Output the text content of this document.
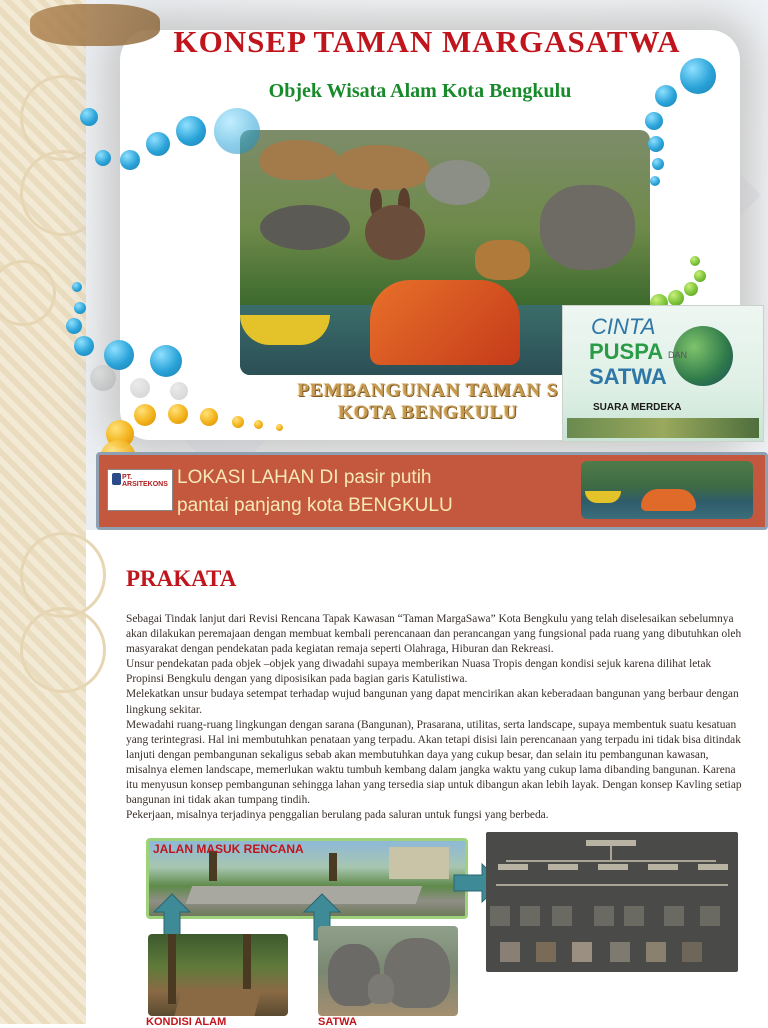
KONSEP TAMAN MARGASATWA
Objek Wisata Alam Kota Bengkulu
PEMBANGUNAN TAMAN S
KOTA BENGKULU
CINTA
PUSPA DAN
SATWA
SUARA MERDEKA
PT. ARSITEKONS LOKASI LAHAN DI pasir putih
pantai panjang kota BENGKULU
PRAKATA

Sebagai Tindak lanjut dari Revisi Rencana Tapak Kawasan “Taman MargaSawa” Kota Bengkulu yang telah diselesaikan sebelumnya akan dilakukan peremajaan dengan membuat kembali perencanaan dan perancangan yang fungsional pada ruang yang dibutuhkan oleh masyarakat dengan pendekatan pada kegiatan remaja seperti Olahraga, Hiburan dan Rekreasi.

Unsur pendekatan pada objek –objek yang diwadahi supaya memberikan Nuasa Tropis dengan kondisi sejuk karena dilihat letak Propinsi Bengkulu dengan yang diposisikan pada bagian garis Katulistiwa.

Melekatkan unsur budaya setempat terhadap wujud bangunan yang dapat mencirikan akan keberadaan bangunan yang berbaur dengan lingkung sekitar.

Mewadahi ruang-ruang lingkungan dengan sarana (Bangunan), Prasarana, utilitas, serta landscape, supaya membentuk suatu kesatuan yang terintegrasi. Hal ini membutuhkan penataan yang terpadu. Akan tetapi disisi lain perencanaan yang terpadu ini tidak bisa ditindak lanjuti dengan pembangunan sekaligus sebab akan membutuhkan daya yang cukup besar, dan selain itu pembangunan kawasan, misalnya elemen landscape, memerlukan waktu tumbuh kembang dalam jangka waktu yang cukup lama dibanding bangunan. Karena itu menyusun konsep pembangunan sehingga lahan yang tersedia siap untuk dibangun akan lebih layak. Dengan konsep Kavling setiap bangunan ini tidak akan tumpang tindih.

Pekerjaan, misalnya terjadinya penggalian berulang pada saluran untuk fungsi yang berbeda.

JALAN MASUK RENCANA
KONDISI ALAM	SATWA
